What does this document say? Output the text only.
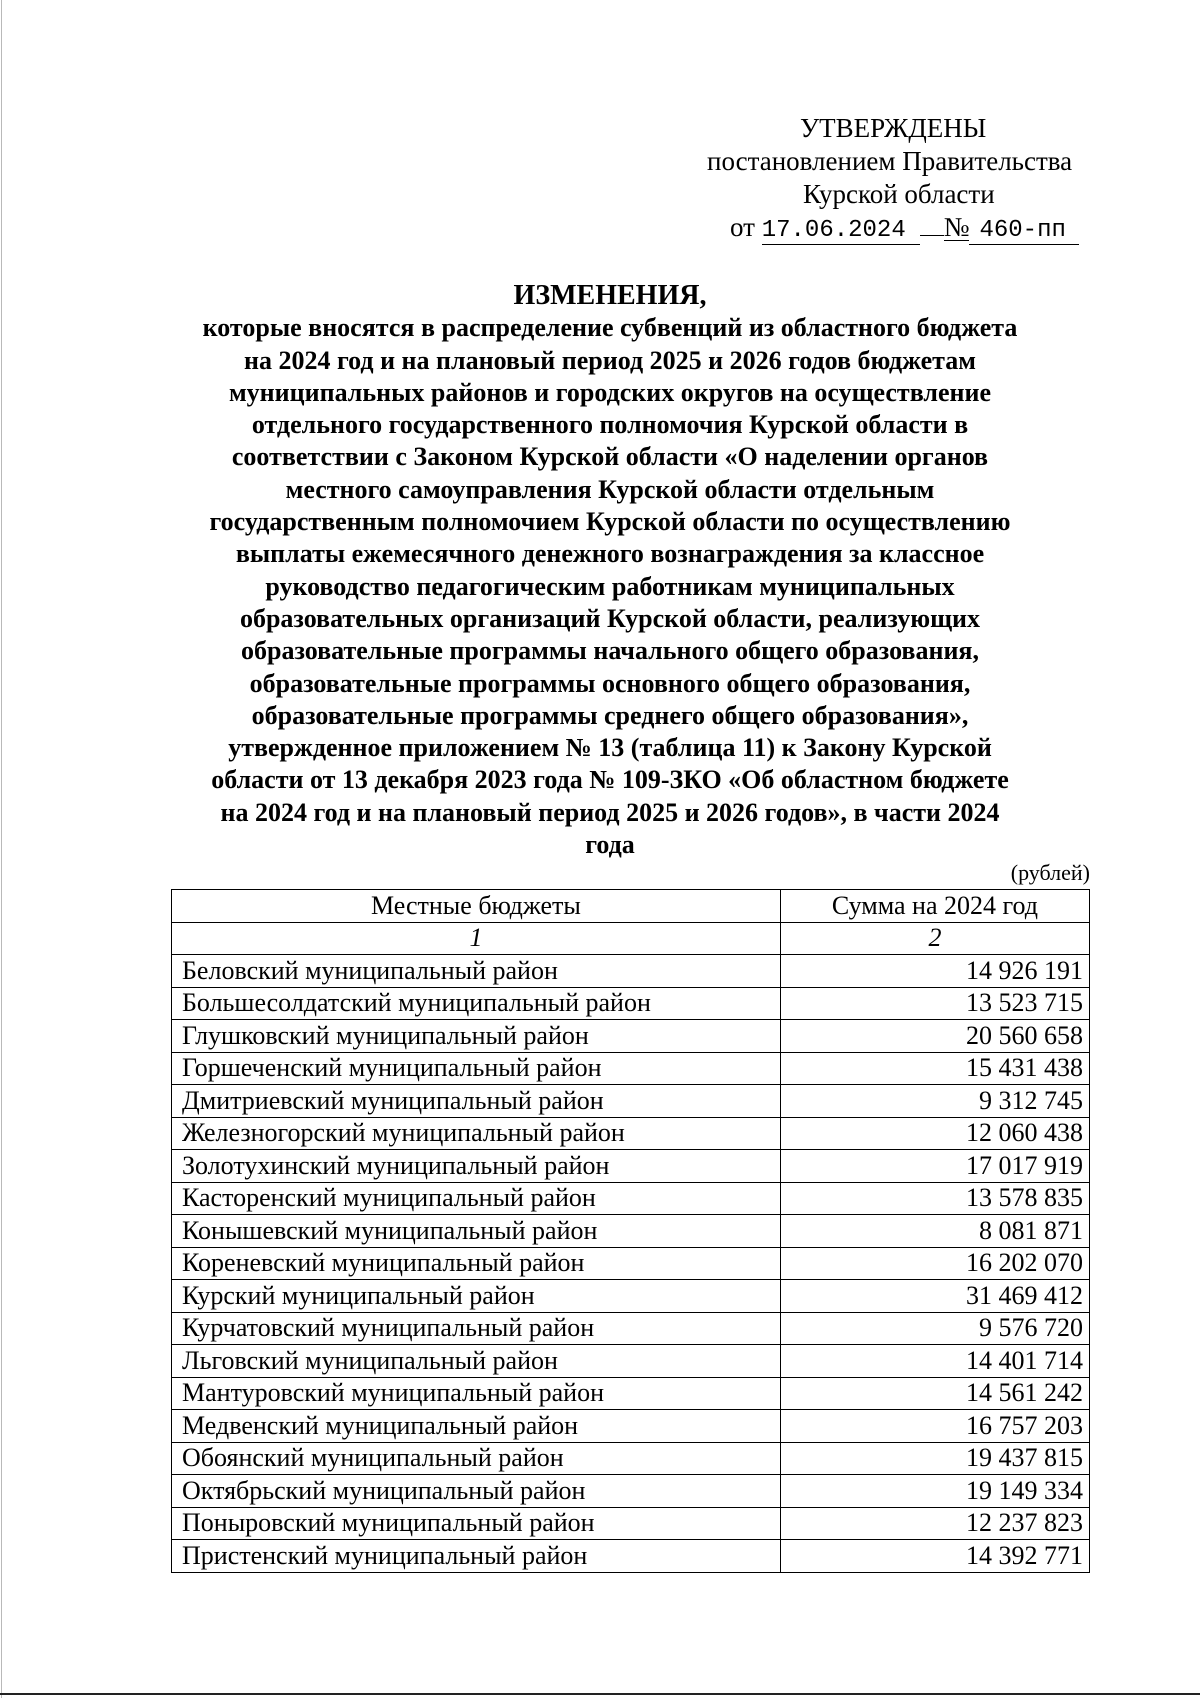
УТВЕРЖДЕНЫ
постановлением Правительства
Курской области
от 17.06.2024 № 460-пп
ИЗМЕНЕНИЯ,
которые вносятся в распределение субвенций из областного бюджета
на 2024 год и на плановый период 2025 и 2026 годов бюджетам
муниципальных районов и городских округов на осуществление
отдельного государственного полномочия Курской области в
соответствии с Законом Курской области «О наделении органов
местного самоуправления Курской области отдельным
государственным полномочием Курской области по осуществлению
выплаты ежемесячного денежного вознаграждения за классное
руководство педагогическим работникам муниципальных
образовательных организаций Курской области, реализующих
образовательные программы начального общего образования,
образовательные программы основного общего образования,
образовательные программы среднего общего образования»,
утвержденное приложением № 13 (таблица 11) к Закону Курской
области от 13 декабря 2023 года № 109-ЗКО «Об областном бюджете
на 2024 год и на плановый период 2025 и 2026 годов», в части 2024
года
(рублей)
Местные бюджеты	Сумма на 2024 год
1	2
Беловский муниципальный район	14 926 191
Большесолдатский муниципальный район	13 523 715
Глушковский муниципальный район	20 560 658
Горшеченский муниципальный район	15 431 438
Дмитриевский муниципальный район	9 312 745
Железногорский муниципальный район	12 060 438
Золотухинский муниципальный район	17 017 919
Касторенский муниципальный район	13 578 835
Конышевский муниципальный район	8 081 871
Кореневский муниципальный район	16 202 070
Курский муниципальный район	31 469 412
Курчатовский муниципальный район	9 576 720
Льговский муниципальный район	14 401 714
Мантуровский муниципальный район	14 561 242
Медвенский муниципальный район	16 757 203
Обоянский муниципальный район	19 437 815
Октябрьский муниципальный район	19 149 334
Поныровский муниципальный район	12 237 823
Пристенский муниципальный район	14 392 771
